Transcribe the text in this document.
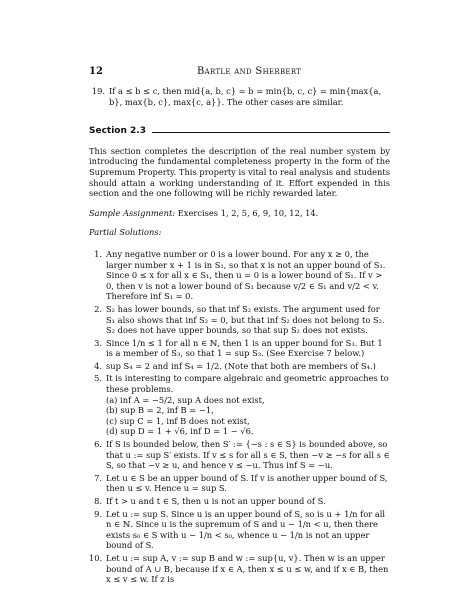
12	Bartle and Sherbert
19. If a ≤ b ≤ c, then mid{a, b, c} = b = min{b, c, c} = min{max{a, b}, max{b, c}, max{c, a}}. The other cases are similar.
Section 2.3

This section completes the description of the real number system by introducing the fundamental completeness property in the form of the Supremum Property. This property is vital to real analysis and students should attain a working understanding of it. Effort expended in this section and the one following will be richly rewarded later.

Sample Assignment: Exercises 1, 2, 5, 6, 9, 10, 12, 14.

Partial Solutions:

1. Any negative number or 0 is a lower bound. For any x ≥ 0, the larger number x + 1 is in S₁, so that x is not an upper bound of S₁. Since 0 ≤ x for all x ∈ S₁, then u = 0 is a lower bound of S₁. If v > 0, then v is not a lower bound of S₁ because v/2 ∈ S₁ and v/2 < v. Therefore inf S₁ = 0.
2. S₂ has lower bounds, so that inf S₂ exists. The argument used for S₁ also shows that inf S₂ = 0, but that inf S₂ does not belong to S₂. S₂ does not have upper bounds, so that sup S₂ does not exists.
3. Since 1/n ≤ 1 for all n ∈ ℕ, then 1 is an upper bound for S₃. But 1 is a member of S₃, so that 1 = sup S₃. (See Exercise 7 below.)
4. sup S₄ = 2 and inf S₄ = 1/2. (Note that both are members of S₄.)
5. It is interesting to compare algebraic and geometric approaches to these problems.
(a) inf A = −5/2, sup A does not exist,
(b) sup B = 2, inf B = −1,
(c) sup C = 1, inf B does not exist,
(d) sup D = 1 + √6, inf D = 1 − √6.
6. If S is bounded below, then S′ := {−s : s ∈ S} is bounded above, so that u := sup S′ exists. If v ≤ s for all s ∈ S, then −v ≥ −s for all s ∈ S, so that −v ≥ u, and hence v ≤ −u. Thus inf S = −u.
7. Let u ∈ S be an upper bound of S. If v is another upper bound of S, then u ≤ v. Hence u = sup S.
8. If t > u and t ∈ S, then u is not an upper bound of S.
9. Let u := sup S. Since u is an upper bound of S, so is u + 1/n for all n ∈ ℕ. Since u is the supremum of S and u − 1/n < u, then there exists s₀ ∈ S with u − 1/n < s₀, whence u − 1/n is not an upper bound of S.
10. Let u := sup A, v := sup B and w := sup{u, v}. Then w is an upper bound of A ∪ B, because if x ∈ A, then x ≤ u ≤ w, and if x ∈ B, then x ≤ v ≤ w. If z is
